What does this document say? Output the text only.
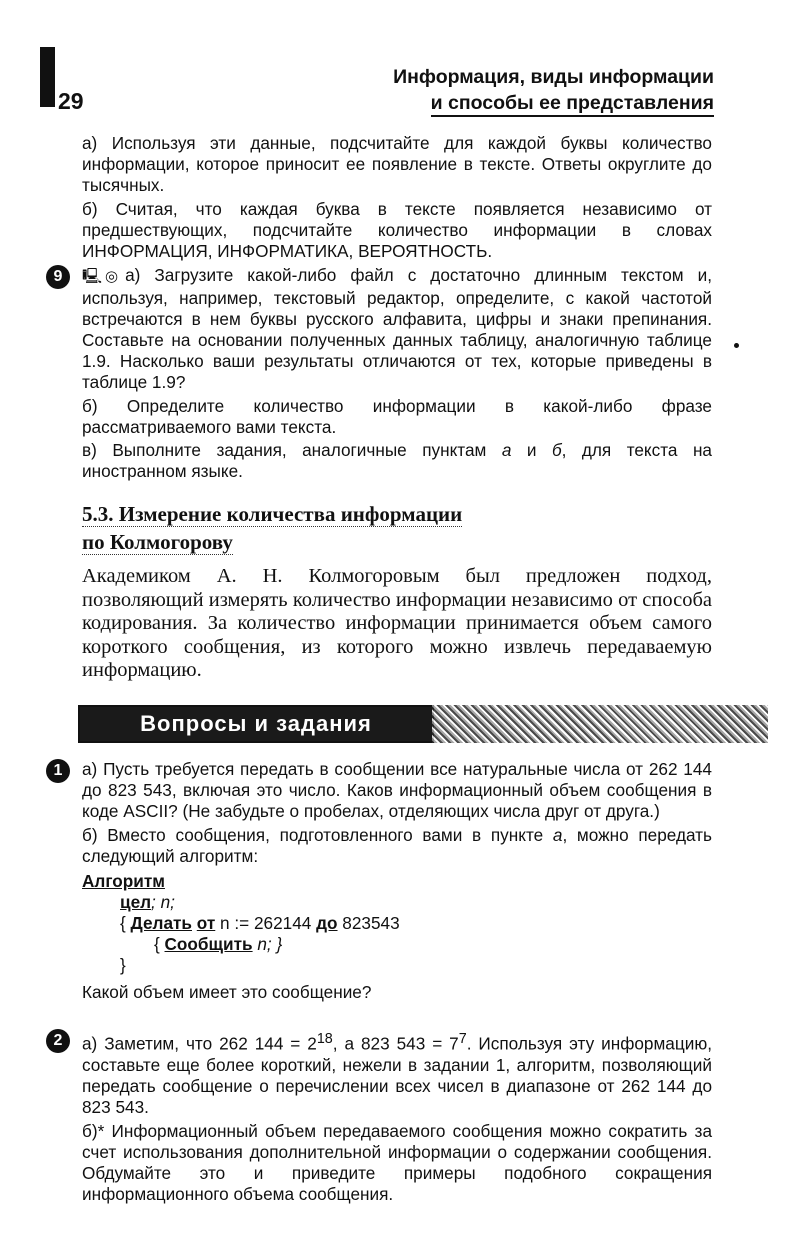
29
Информация, виды информации
и способы ее представления

а) Используя эти данные, подсчитайте для каждой буквы количество информации, которое приносит ее появление в тексте. Ответы округлите до тысячных.

б) Считая, что каждая буква в тексте появляется независимо от предшествующих, подсчитайте количество информации в словах ИНФОРМАЦИЯ, ИНФОРМАТИКА, ВЕРОЯТНОСТЬ.

9	🖳 ◎ а) Загрузите какой-либо файл с достаточно длинным текстом и, используя, например, текстовый редактор, определите, с какой частотой встречаются в нем буквы русского алфавита, цифры и знаки препинания. Составьте на основании полученных данных таблицу, аналогичную таблице 1.9. Насколько ваши результаты отличаются от тех, которые приведены в таблице 1.9?

б) Определите количество информации в какой-либо фразе рассматриваемого вами текста.

в) Выполните задания, аналогичные пунктам а и б, для текста на иностранном языке.

5.3. Измерение количества информации
по Колмогорову
Академиком А. Н. Колмогоровым был предложен подход, позволяющий измерять количество информации независимо от способа кодирования. За количество информации принимается объем самого короткого сообщения, из которого можно извлечь передаваемую информацию.
Вопросы и задания
1	а) Пусть требуется передать в сообщении все натуральные числа от 262 144 до 823 543, включая это число. Каков информационный объем сообщения в коде ASCII? (Не забудьте о пробелах, отделяющих числа друг от друга.)

б) Вместо сообщения, подготовленного вами в пункте а, можно передать следующий алгоритм:

Алгоритм
цел; n;
{ Делать от n := 262144 до 823543
{ Сообщить n; }
}

Какой объем имеет это сообщение?

2	а) Заметим, что 262 $144 = 2^{18}$, а 823 $543 = 7^7$. Используя эту информацию, составьте еще более короткий, нежели в задании 1, алгоритм, позволяющий передать сообщение о перечислении всех чисел в диапазоне от 262 144 до 823 543.

б)* Информационный объем передаваемого сообщения можно сократить за счет использования дополнительной информации о содержании сообщения. Обдумайте это и приведите примеры подобного сокращения информационного объема сообщения.
